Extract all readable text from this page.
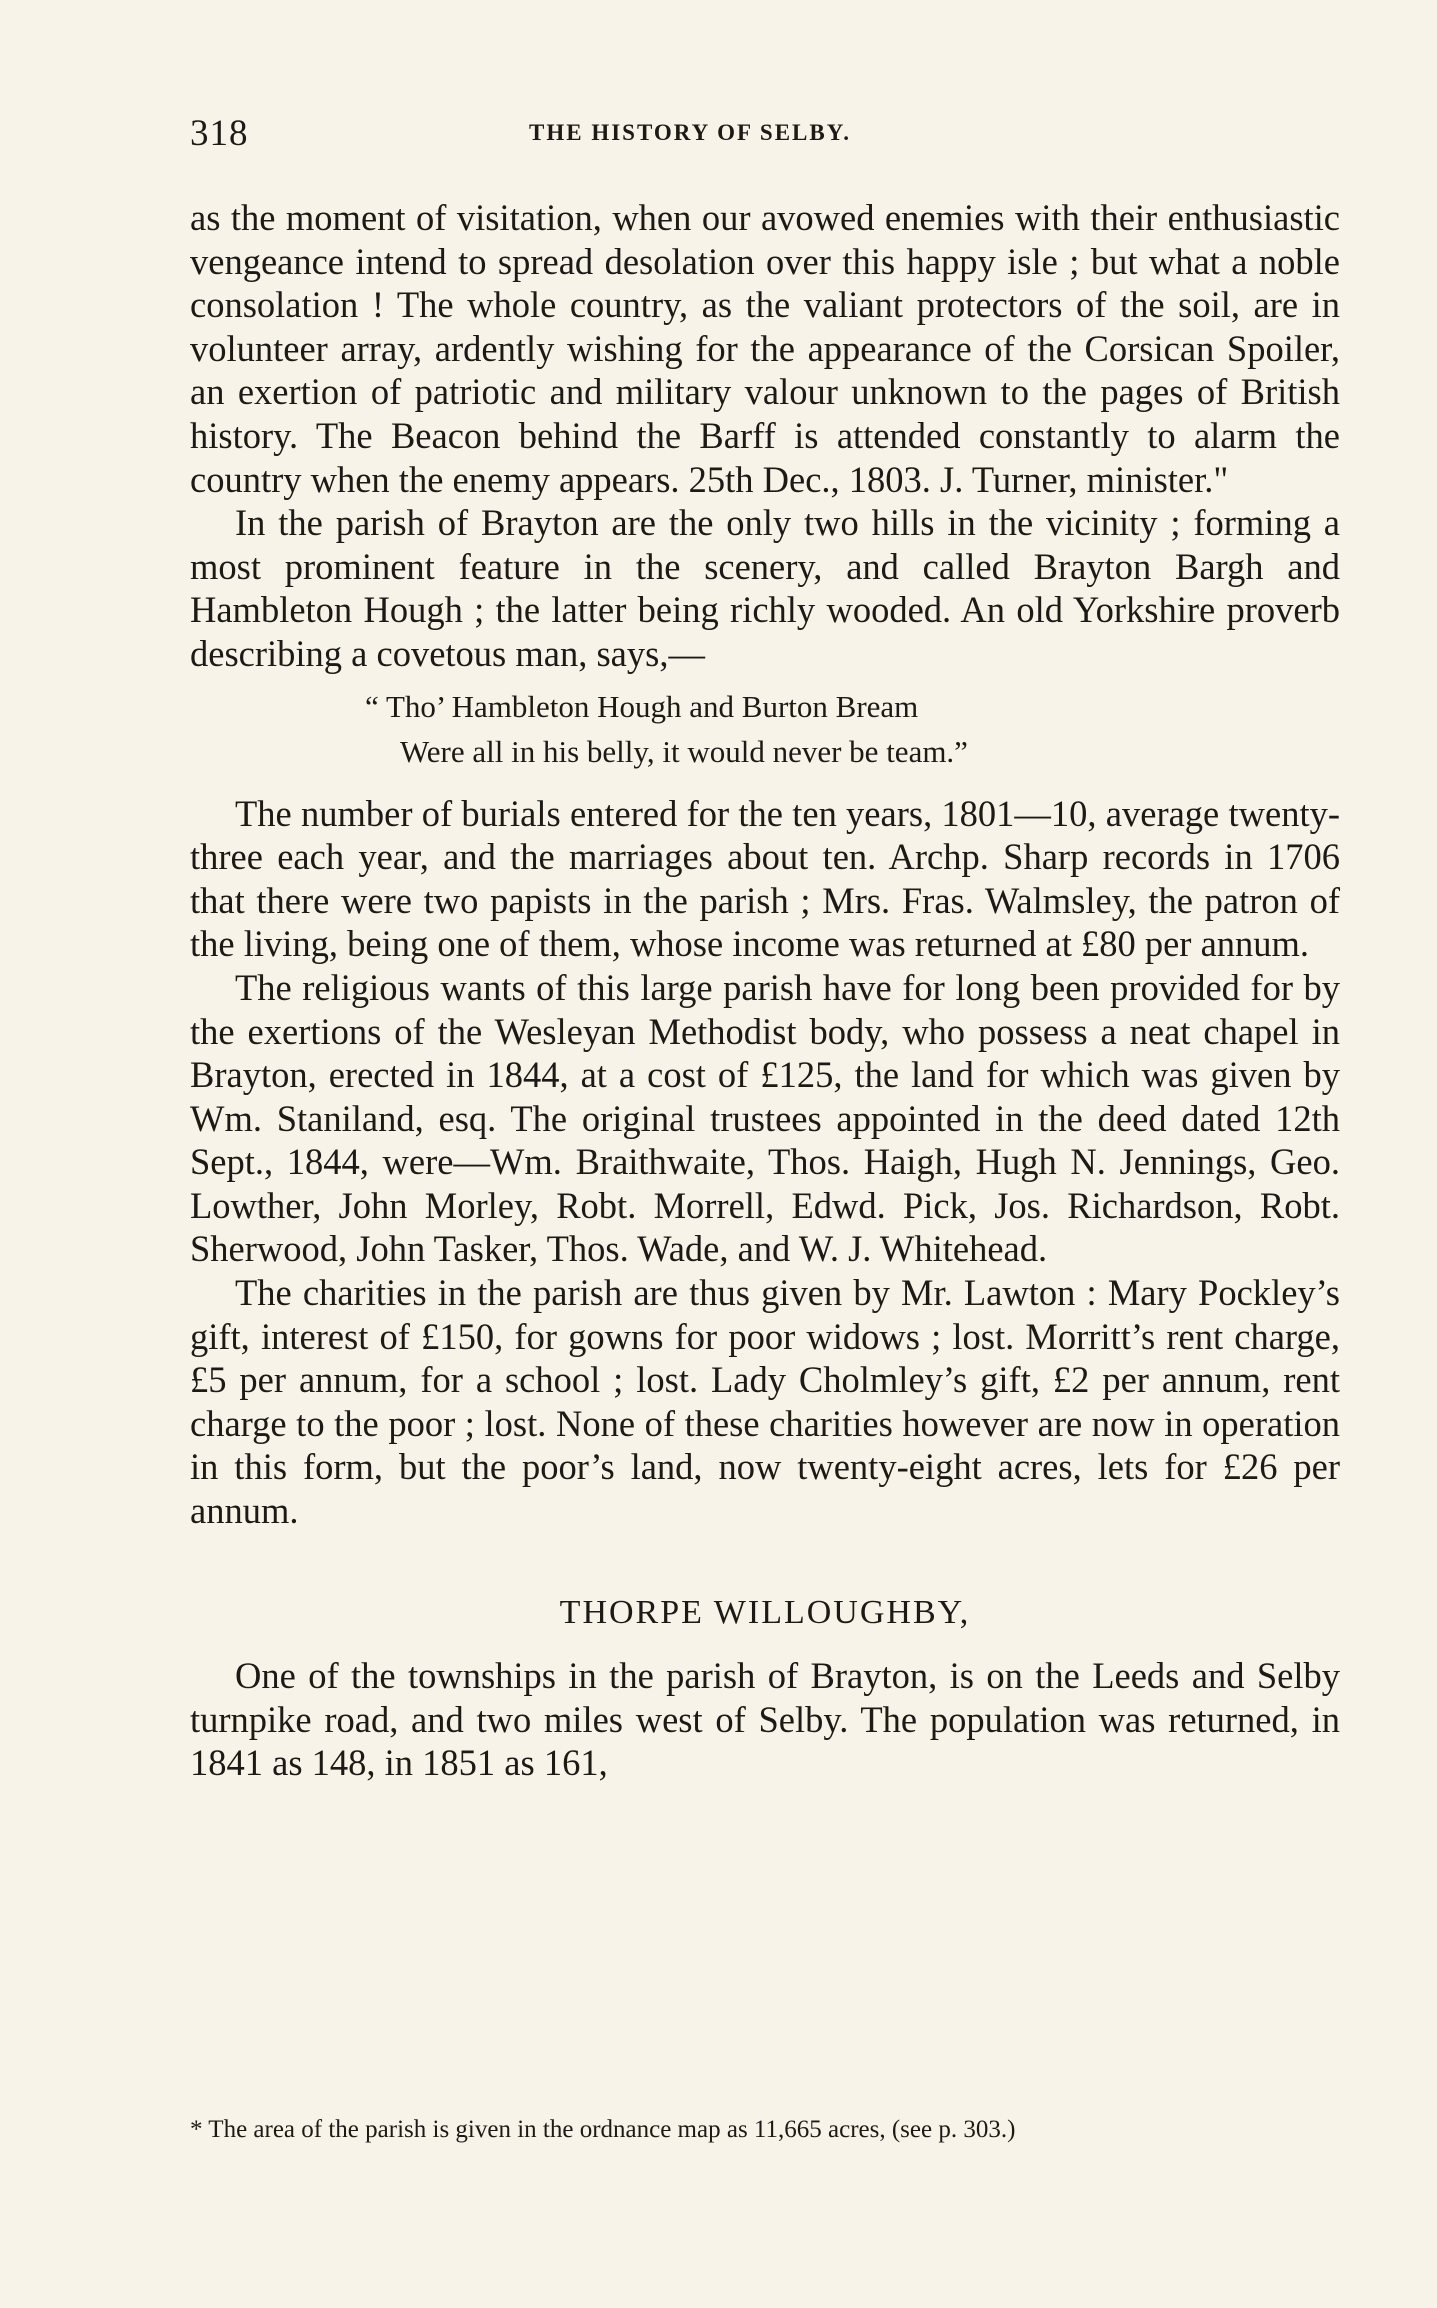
318	THE HISTORY OF SELBY.

as the moment of visitation, when our avowed enemies with their enthusiastic vengeance intend to spread desolation over this happy isle ; but what a noble consolation ! The whole country, as the valiant protectors of the soil, are in volunteer array, ardently wishing for the appearance of the Corsican Spoiler, an exertion of patriotic and military valour unknown to the pages of British history. The Beacon behind the Barff is attended constantly to alarm the country when the enemy appears. 25th Dec., 1803. J. Turner, minister."

In the parish of Brayton are the only two hills in the vicinity ; forming a most prominent feature in the scenery, and called Brayton Bargh and Hambleton Hough ; the latter being richly wooded. An old Yorkshire proverb describing a covetous man, says,—

“ Tho’ Hambleton Hough and Burton Bream
Were all in his belly, it would never be team.”

The number of burials entered for the ten years, 1801—10, average twenty-three each year, and the marriages about ten. Archp. Sharp records in 1706 that there were two papists in the parish ; Mrs. Fras. Walmsley, the patron of the living, being one of them, whose income was returned at £80 per annum.

The religious wants of this large parish have for long been provided for by the exertions of the Wesleyan Methodist body, who possess a neat chapel in Brayton, erected in 1844, at a cost of £125, the land for which was given by Wm. Staniland, esq. The original trustees appointed in the deed dated 12th Sept., 1844, were—Wm. Braithwaite, Thos. Haigh, Hugh N. Jennings, Geo. Lowther, John Morley, Robt. Morrell, Edwd. Pick, Jos. Richardson, Robt. Sherwood, John Tasker, Thos. Wade, and W. J. Whitehead.

The charities in the parish are thus given by Mr. Lawton : Mary Pockley’s gift, interest of £150, for gowns for poor widows ; lost. Morritt’s rent charge, £5 per annum, for a school ; lost. Lady Cholmley’s gift, £2 per annum, rent charge to the poor ; lost. None of these charities however are now in operation in this form, but the poor’s land, now twenty-eight acres, lets for £26 per annum.

THORPE WILLOUGHBY,

One of the townships in the parish of Brayton, is on the Leeds and Selby turnpike road, and two miles west of Selby. The population was returned, in 1841 as 148, in 1851 as 161,

* The area of the parish is given in the ordnance map as 11,665 acres, (see p. 303.)
